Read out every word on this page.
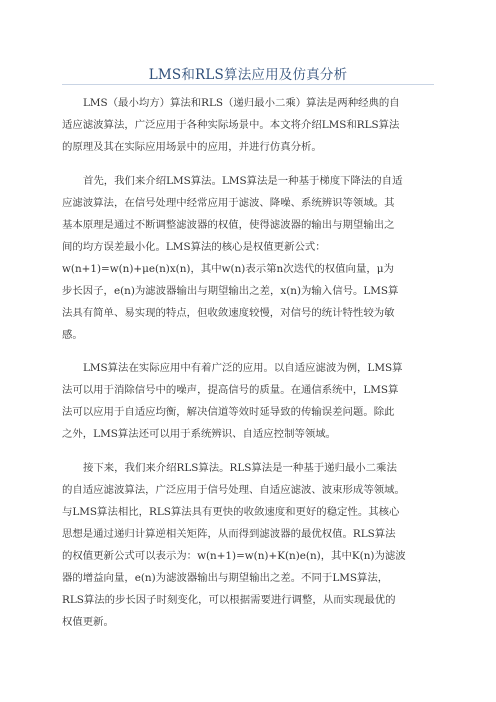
LMS和RLS算法应用及仿真分析
LMS（最小均方）算法和RLS（递归最小二乘）算法是两种经典的自
适应滤波算法，广泛应用于各种实际场景中。本文将介绍LMS和RLS算法
的原理及其在实际应用场景中的应用，并进行仿真分析。
首先，我们来介绍LMS算法。LMS算法是一种基于梯度下降法的自适
应滤波算法，在信号处理中经常应用于滤波、降噪、系统辨识等领域。其
基本原理是通过不断调整滤波器的权值，使得滤波器的输出与期望输出之
间的均方误差最小化。LMS算法的核心是权值更新公式：
w(n+1)=w(n)+μe(n)x(n)，其中w(n)表示第n次迭代的权值向量，μ为
步长因子，e(n)为滤波器输出与期望输出之差，x(n)为输入信号。LMS算
法具有简单、易实现的特点，但收敛速度较慢，对信号的统计特性较为敏
感。
LMS算法在实际应用中有着广泛的应用。以自适应滤波为例，LMS算
法可以用于消除信号中的噪声，提高信号的质量。在通信系统中，LMS算
法可以应用于自适应均衡，解决信道等效时延导致的传输误差问题。除此
之外，LMS算法还可以用于系统辨识、自适应控制等领域。
接下来，我们来介绍RLS算法。RLS算法是一种基于递归最小二乘法
的自适应滤波算法，广泛应用于信号处理、自适应滤波、波束形成等领域。
与LMS算法相比，RLS算法具有更快的收敛速度和更好的稳定性。其核心
思想是通过递归计算逆相关矩阵，从而得到滤波器的最优权值。RLS算法
的权值更新公式可以表示为：w(n+1)=w(n)+K(n)e(n)，其中K(n)为滤波
器的增益向量，e(n)为滤波器输出与期望输出之差。不同于LMS算法，
RLS算法的步长因子时刻变化，可以根据需要进行调整，从而实现最优的
权值更新。
